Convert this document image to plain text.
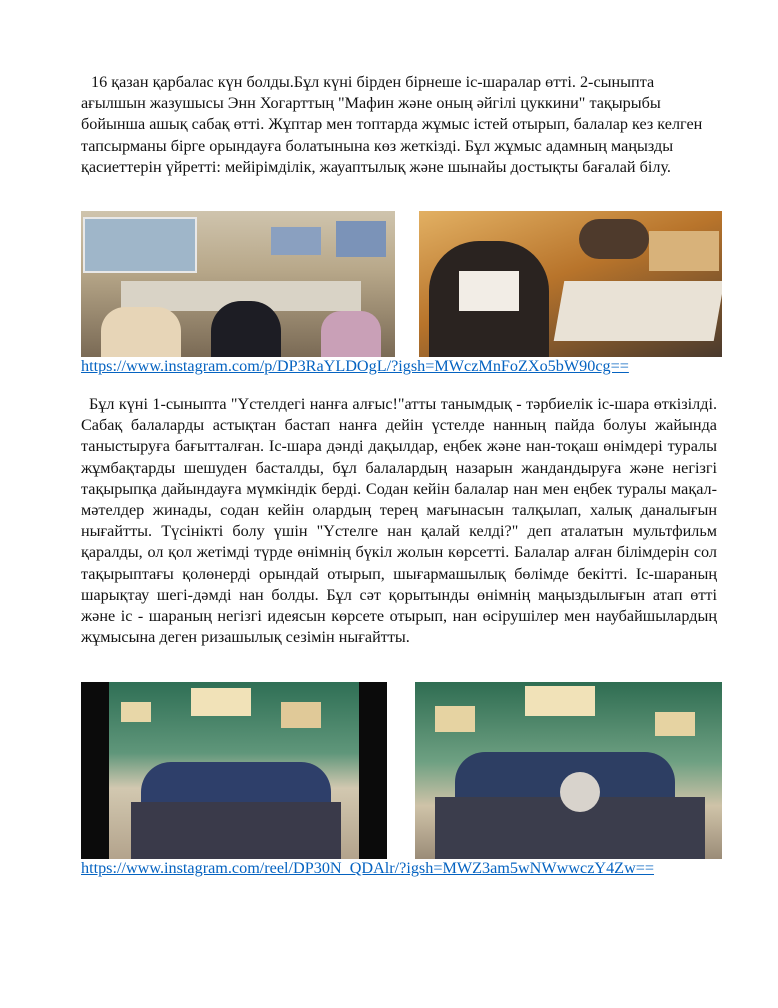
16 қазан қарбалас күн болды.Бұл күні бірден бірнеше іс-шаралар өтті. 2-сыныпта ағылшын жазушысы Энн Хогарттың "Мафин және оның әйгілі цуккини" тақырыбы бойынша ашық сабақ өтті. Жұптар мен топтарда жұмыс істей отырып, балалар кез келген тапсырманы бірге орындауға болатынына көз жеткізді. Бұл жұмыс адамның маңызды қасиеттерін үйретті: мейірімділік, жауаптылық және шынайы достықты бағалай білу.

https://www.instagram.com/p/DP3RaYLDOgL/?igsh=MWczMnFoZXo5bW90cg==

Бұл күні 1-сыныпта "Үстелдегі нанға алғыс!"атты танымдық - тәрбиелік іс-шара өткізілді. Сабақ балаларды астықтан бастап нанға дейін үстелде нанның пайда болуы жайында таныстыруға бағытталған. Іс-шара дәнді дақылдар, еңбек және нан-тоқаш өнімдері туралы жұмбақтарды шешуден басталды, бұл балалардың назарын жандандыруға және негізгі тақырыпқа дайындауға мүмкіндік берді. Содан кейін балалар нан мен еңбек туралы мақал-мәтелдер жинады, содан кейін олардың терең мағынасын талқылап, халық даналығын нығайтты. Түсінікті болу үшін "Үстелге нан қалай келді?" деп аталатын мультфильм қаралды, ол қол жетімді түрде өнімнің бүкіл жолын көрсетті. Балалар алған білімдерін сол тақырыптағы қолөнерді орындай отырып, шығармашылық бөлімде бекітті. Іс-шараның шарықтау шегі-дәмді нан болды. Бұл сәт қорытынды өнімнің маңыздылығын атап өтті және іс - шараның негізгі идеясын көрсете отырып, нан өсірушілер мен наубайшылардың жұмысына деген ризашылық сезімін нығайтты.

https://www.instagram.com/reel/DP30N_QDAlr/?igsh=MWZ3am5wNWwwczY4Zw==
